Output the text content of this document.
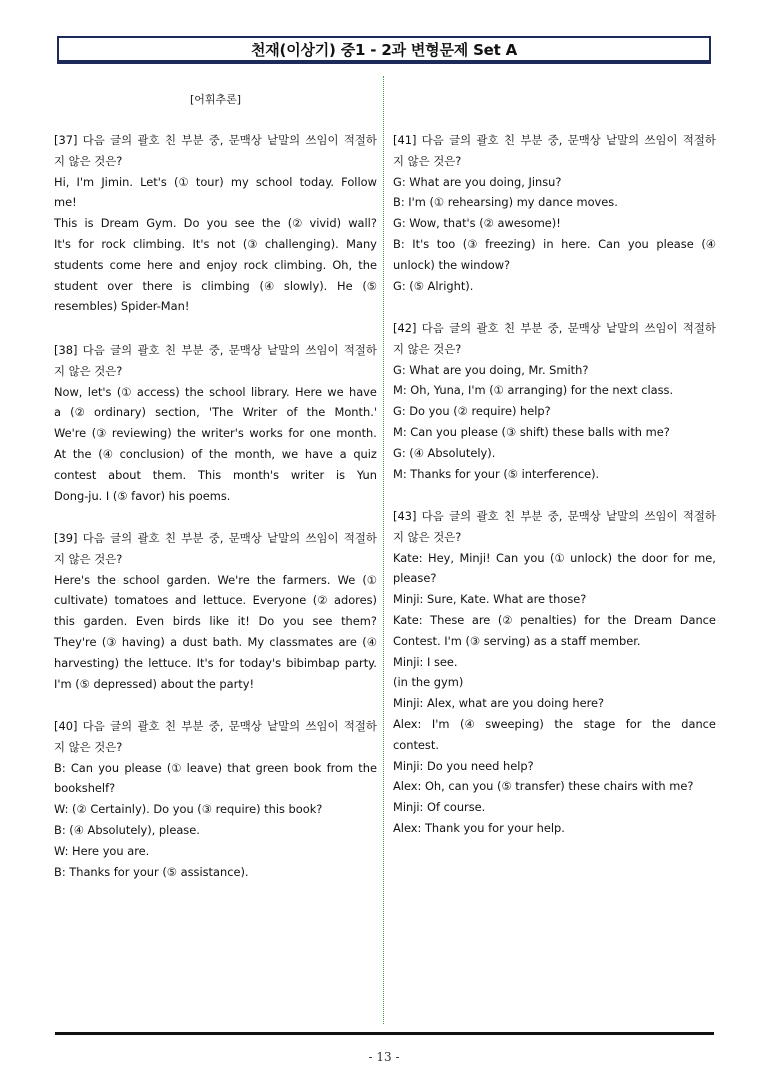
천재(이상기) 중1 - 2과 변형문제 Set A
[어휘추론]
[37] 다음 글의 괄호 친 부분 중, 문맥상 낱말의 쓰임이 적절하
지 않은 것은?
Hi, I'm Jimin. Let's (① tour) my school today. Follow
me!
This is Dream Gym. Do you see the (② vivid) wall?
It's for rock climbing. It's not (③ challenging). Many
students come here and enjoy rock climbing. Oh, the
student over there is climbing (④ slowly). He (⑤
resembles) Spider-Man!
[38] 다음 글의 괄호 친 부분 중, 문맥상 낱말의 쓰임이 적절하
지 않은 것은?
Now, let's (① access) the school library. Here we have
a (② ordinary) section, 'The Writer of the Month.'
We're (③ reviewing) the writer's works for one month.
At the (④ conclusion) of the month, we have a quiz
contest about them. This month's writer is Yun
Dong-ju. I (⑤ favor) his poems.
[39] 다음 글의 괄호 친 부분 중, 문맥상 낱말의 쓰임이 적절하
지 않은 것은?
Here's the school garden. We're the farmers. We (①
cultivate) tomatoes and lettuce. Everyone (② adores)
this garden. Even birds like it! Do you see them?
They're (③ having) a dust bath. My classmates are (④
harvesting) the lettuce. It's for today's bibimbap party.
I'm (⑤ depressed) about the party!
[40] 다음 글의 괄호 친 부분 중, 문맥상 낱말의 쓰임이 적절하
지 않은 것은?
B: Can you please (① leave) that green book from the
bookshelf?
W: (② Certainly). Do you (③ require) this book?
B: (④ Absolutely), please.
W: Here you are.
B: Thanks for your (⑤ assistance).
[41] 다음 글의 괄호 친 부분 중, 문맥상 낱말의 쓰임이 적절하
지 않은 것은?
G: What are you doing, Jinsu?
B: I'm (① rehearsing) my dance moves.
G: Wow, that's (② awesome)!
B: It's too (③ freezing) in here. Can you please (④
unlock) the window?
G: (⑤ Alright).
[42] 다음 글의 괄호 친 부분 중, 문맥상 낱말의 쓰임이 적절하
지 않은 것은?
G: What are you doing, Mr. Smith?
M: Oh, Yuna, I'm (① arranging) for the next class.
G: Do you (② require) help?
M: Can you please (③ shift) these balls with me?
G: (④ Absolutely).
M: Thanks for your (⑤ interference).
[43] 다음 글의 괄호 친 부분 중, 문맥상 낱말의 쓰임이 적절하
지 않은 것은?
Kate: Hey, Minji! Can you (① unlock) the door for me,
please?
Minji: Sure, Kate. What are those?
Kate: These are (② penalties) for the Dream Dance
Contest. I'm (③ serving) as a staff member.
Minji: I see.
(in the gym)
Minji: Alex, what are you doing here?
Alex: I'm (④ sweeping) the stage for the dance
contest.
Minji: Do you need help?
Alex: Oh, can you (⑤ transfer) these chairs with me?
Minji: Of course.
Alex: Thank you for your help.
- 13 -
